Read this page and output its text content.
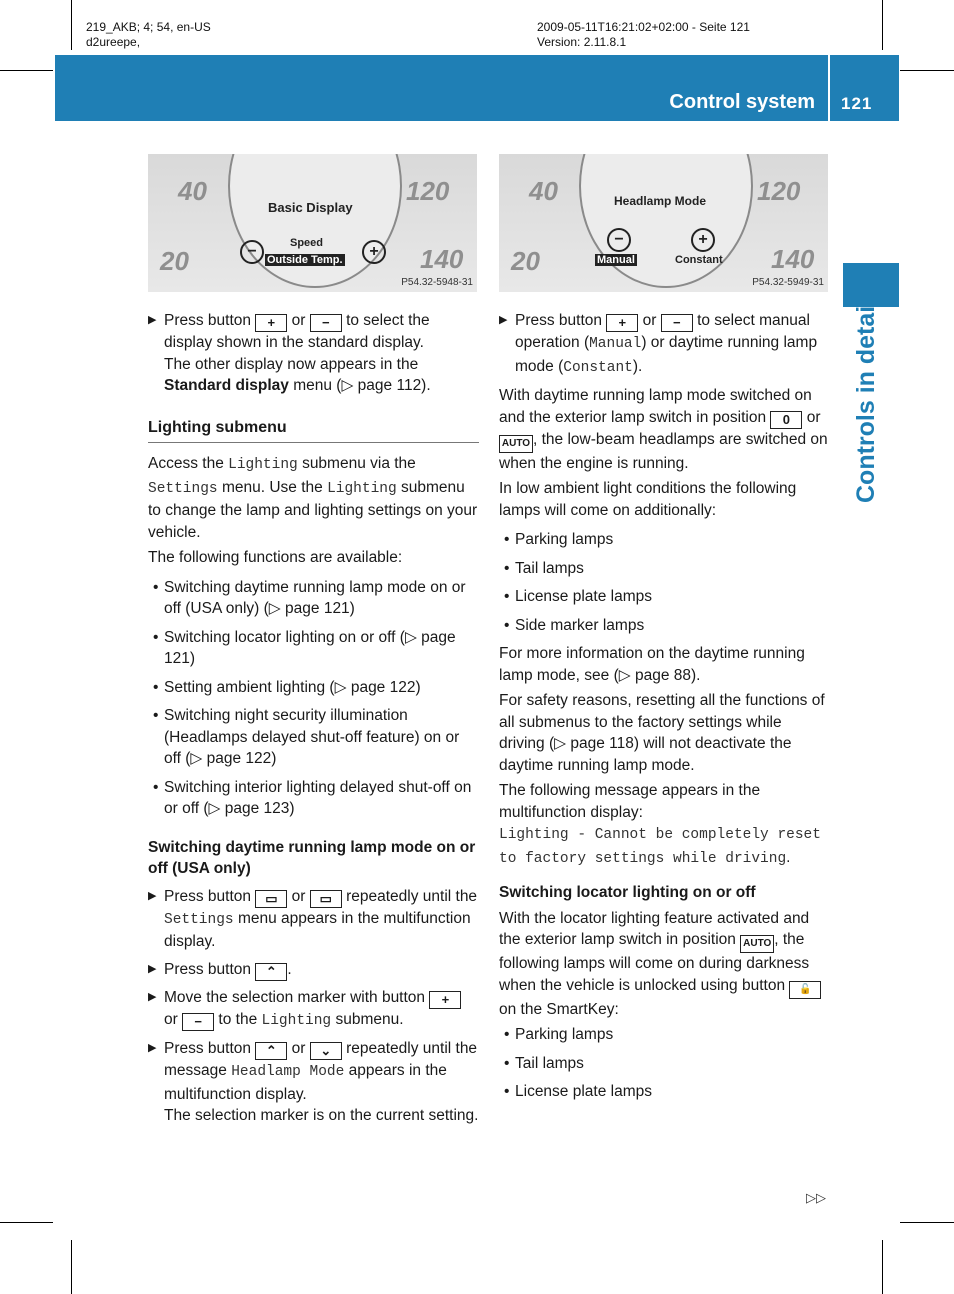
219_AKB; 4; 54, en-US
d2ureepe,
2009-05-11T16:21:02+02:00 - Seite 121
Version: 2.11.8.1
Control system 121
Controls in detail
40	120
20	140
Basic Display
−	+
Speed
Outside Temp.
P54.32-5948-31
40	120
20	140
Headlamp Mode
−	+
Manual	Constant
P54.32-5949-31
▶ Press button + or − to select the display shown in the standard display.
The other display now appears in the Standard display menu (▷ page 112).

Lighting submenu

Access the Lighting submenu via the Settings menu. Use the Lighting submenu to change the lamp and lighting settings on your vehicle.

The following functions are available:

• Switching daytime running lamp mode on or off (USA only) (▷ page 121)
• Switching locator lighting on or off (▷ page 121)
• Setting ambient lighting (▷ page 122)
• Switching night security illumination (Headlamps delayed shut-off feature) on or off (▷ page 122)
• Switching interior lighting delayed shut-off on or off (▷ page 123)

Switching daytime running lamp mode on or off (USA only)

▶ Press button ▭ or ▭ repeatedly until the Settings menu appears in the multifunction display.
▶ Press button ⌃ .
▶ Move the selection marker with button + or − to the Lighting submenu.
▶ Press button ⌃ or ⌄ repeatedly until the message Headlamp Mode appears in the multifunction display.
The selection marker is on the current setting.
▶ Press button + or − to select manual operation (Manual) or daytime running lamp mode (Constant).

With daytime running lamp mode switched on and the exterior lamp switch in position 0 or AUTO , the low-beam headlamps are switched on when the engine is running.

In low ambient light conditions the following lamps will come on additionally:

• Parking lamps
• Tail lamps
• License plate lamps
• Side marker lamps

For more information on the daytime running lamp mode, see (▷ page 88).

For safety reasons, resetting all the functions of all submenus to the factory settings while driving (▷ page 118) will not deactivate the daytime running lamp mode.

The following message appears in the multifunction display:
Lighting - Cannot be completely reset to factory settings while driving.

Switching locator lighting on or off

With the locator lighting feature activated and the exterior lamp switch in position AUTO , the following lamps will come on during darkness when the vehicle is unlocked using button 🔓 on the SmartKey:

• Parking lamps
• Tail lamps
• License plate lamps
▷▷
